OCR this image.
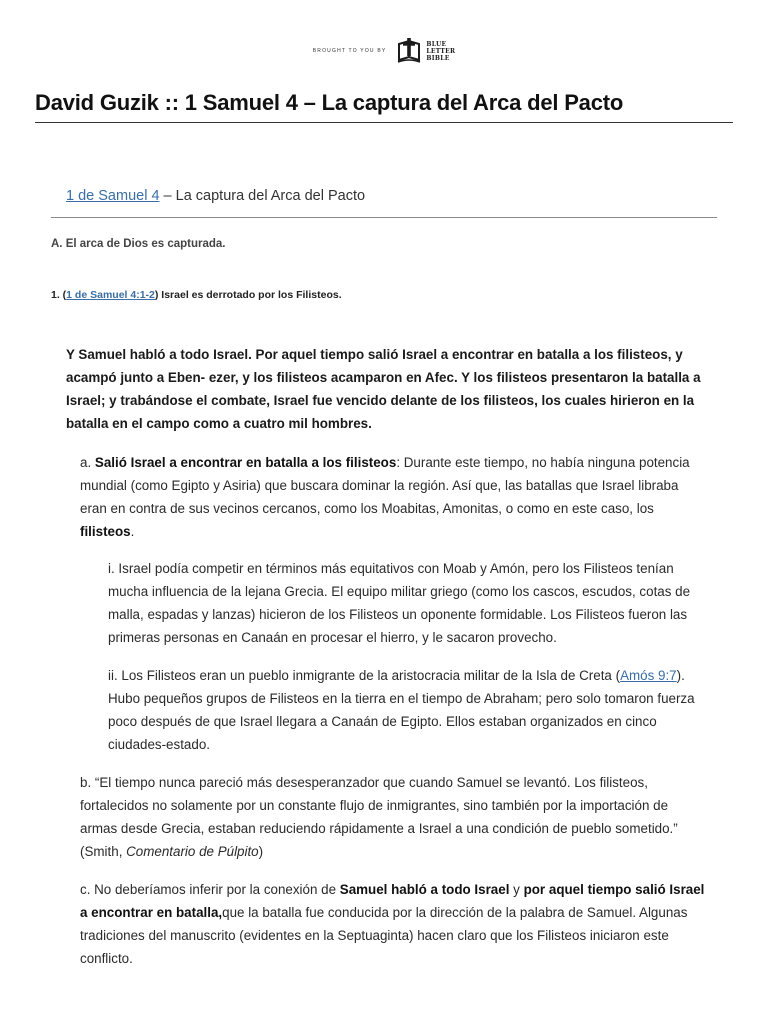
BROUGHT TO YOU BY
BLUE
LETTER
BIBLE
David Guzik :: 1 Samuel 4 – La captura del Arca del Pacto
1 de Samuel 4 – La captura del Arca del Pacto
A. El arca de Dios es capturada.
1. (1 de Samuel 4:1-2) Israel es derrotado por los Filisteos.
Y Samuel habló a todo Israel. Por aquel tiempo salió Israel a encontrar en batalla a los filisteos, y acampó junto a Eben- ezer, y los filisteos acamparon en Afec. Y los filisteos presentaron la batalla a Israel; y trabándose el combate, Israel fue vencido delante de los filisteos, los cuales hirieron en la batalla en el campo como a cuatro mil hombres.
a. Salió Israel a encontrar en batalla a los filisteos: Durante este tiempo, no había ninguna potencia mundial (como Egipto y Asiria) que buscara dominar la región. Así que, las batallas que Israel libraba eran en contra de sus vecinos cercanos, como los Moabitas, Amonitas, o como en este caso, los filisteos.
i. Israel podía competir en términos más equitativos con Moab y Amón, pero los Filisteos tenían mucha influencia de la lejana Grecia. El equipo militar griego (como los cascos, escudos, cotas de malla, espadas y lanzas) hicieron de los Filisteos un oponente formidable. Los Filisteos fueron las primeras personas en Canaán en procesar el hierro, y le sacaron provecho.
ii. Los Filisteos eran un pueblo inmigrante de la aristocracia militar de la Isla de Creta (Amós 9:7). Hubo pequeños grupos de Filisteos en la tierra en el tiempo de Abraham; pero solo tomaron fuerza poco después de que Israel llegara a Canaán de Egipto. Ellos estaban organizados en cinco ciudades-estado.
b. “El tiempo nunca pareció más desesperanzador que cuando Samuel se levantó. Los filisteos, fortalecidos no solamente por un constante flujo de inmigrantes, sino también por la importación de armas desde Grecia, estaban reduciendo rápidamente a Israel a una condición de pueblo sometido.” (Smith, Comentario de Púlpito)
c. No deberíamos inferir por la conexión de Samuel habló a todo Israel y por aquel tiempo salió Israel a encontrar en batalla,que la batalla fue conducida por la dirección de la palabra de Samuel. Algunas tradiciones del manuscrito (evidentes en la Septuaginta) hacen claro que los Filisteos iniciaron este conflicto.
